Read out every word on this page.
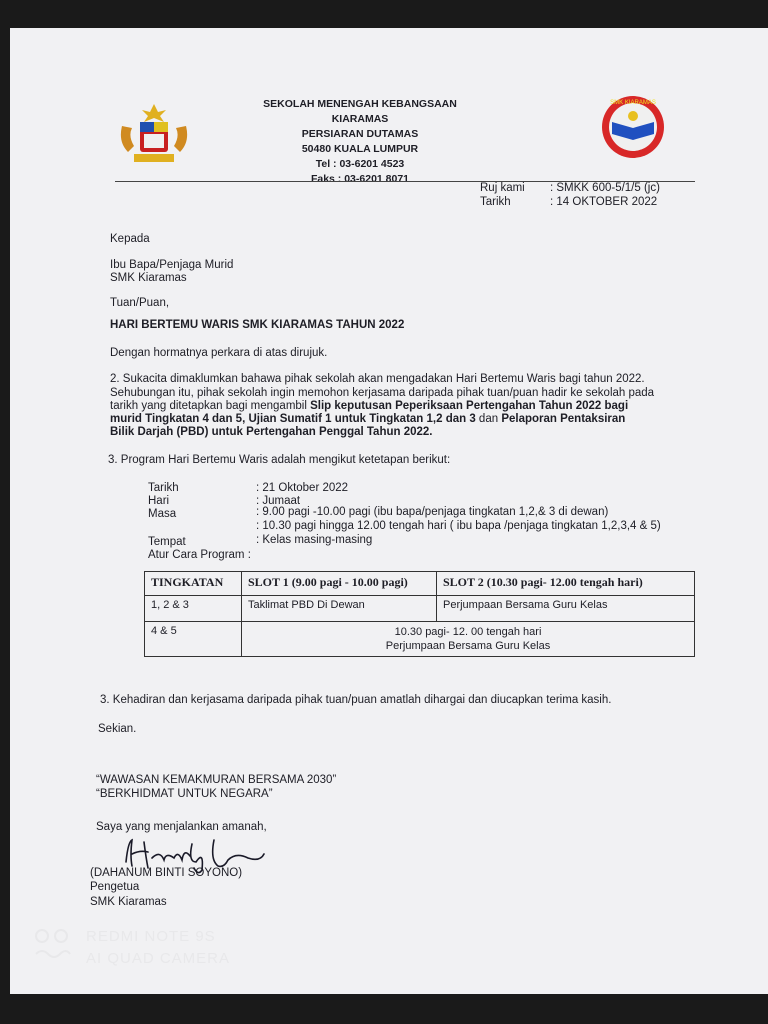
SMK KIARAMAS
SEKOLAH MENENGAH KEBANGSAAN KIARAMAS
PERSIARAN DUTAMAS
50480 KUALA LUMPUR
Tel : 03-6201 4523
Faks : 03-6201 8071
Ruj kami : SMKK 600-5/1/5 (jc)
Tarikh	: 14 OKTOBER 2022
Kepada
Ibu Bapa/Penjaga Murid
SMK Kiaramas
Tuan/Puan,
HARI BERTEMU WARIS SMK KIARAMAS TAHUN 2022
Dengan hormatnya perkara di atas dirujuk.
2. Sukacita dimaklumkan bahawa pihak sekolah akan mengadakan Hari Bertemu Waris bagi tahun 2022.
Sehubungan itu, pihak sekolah ingin memohon kerjasama daripada pihak tuan/puan hadir ke sekolah pada
tarikh yang ditetapkan bagi mengambil Slip keputusan Peperiksaan Pertengahan Tahun 2022 bagi
murid Tingkatan 4 dan 5, Ujian Sumatif 1 untuk Tingkatan 1,2 dan 3 dan Pelaporan Pentaksiran
Bilik Darjah (PBD) untuk Pertengahan Penggal Tahun 2022.
3. Program Hari Bertemu Waris adalah mengikut ketetapan berikut:
Tarikh	: 21 Oktober 2022
Hari	: Jumaat
Masa	: 9.00 pagi -10.00 pagi (ibu bapa/penjaga tingkatan 1,2,& 3 di dewan)
: 10.30 pagi hingga 12.00 tengah hari ( ibu bapa /penjaga tingkatan 1,2,3,4 & 5)
Tempat	: Kelas masing-masing
Atur Cara Program :
TINGKATAN	SLOT 1 (9.00 pagi - 10.00 pagi)	SLOT 2 (10.30 pagi- 12.00 tengah hari)
1, 2 & 3	Taklimat PBD Di Dewan	Perjumpaan Bersama Guru Kelas
4 & 5	10.30 pagi- 12. 00 tengah hari
Perjumpaan Bersama Guru Kelas	
3. Kehadiran dan kerjasama daripada pihak tuan/puan amatlah dihargai dan diucapkan terima kasih.
Sekian.
“WAWASAN KEMAKMURAN BERSAMA 2030”
“BERKHIDMAT UNTUK NEGARA”
Saya yang menjalankan amanah,
(DAHANUM BINTI SOYONO)
Pengetua
SMK Kiaramas
REDMI NOTE 9S
AI QUAD CAMERA
